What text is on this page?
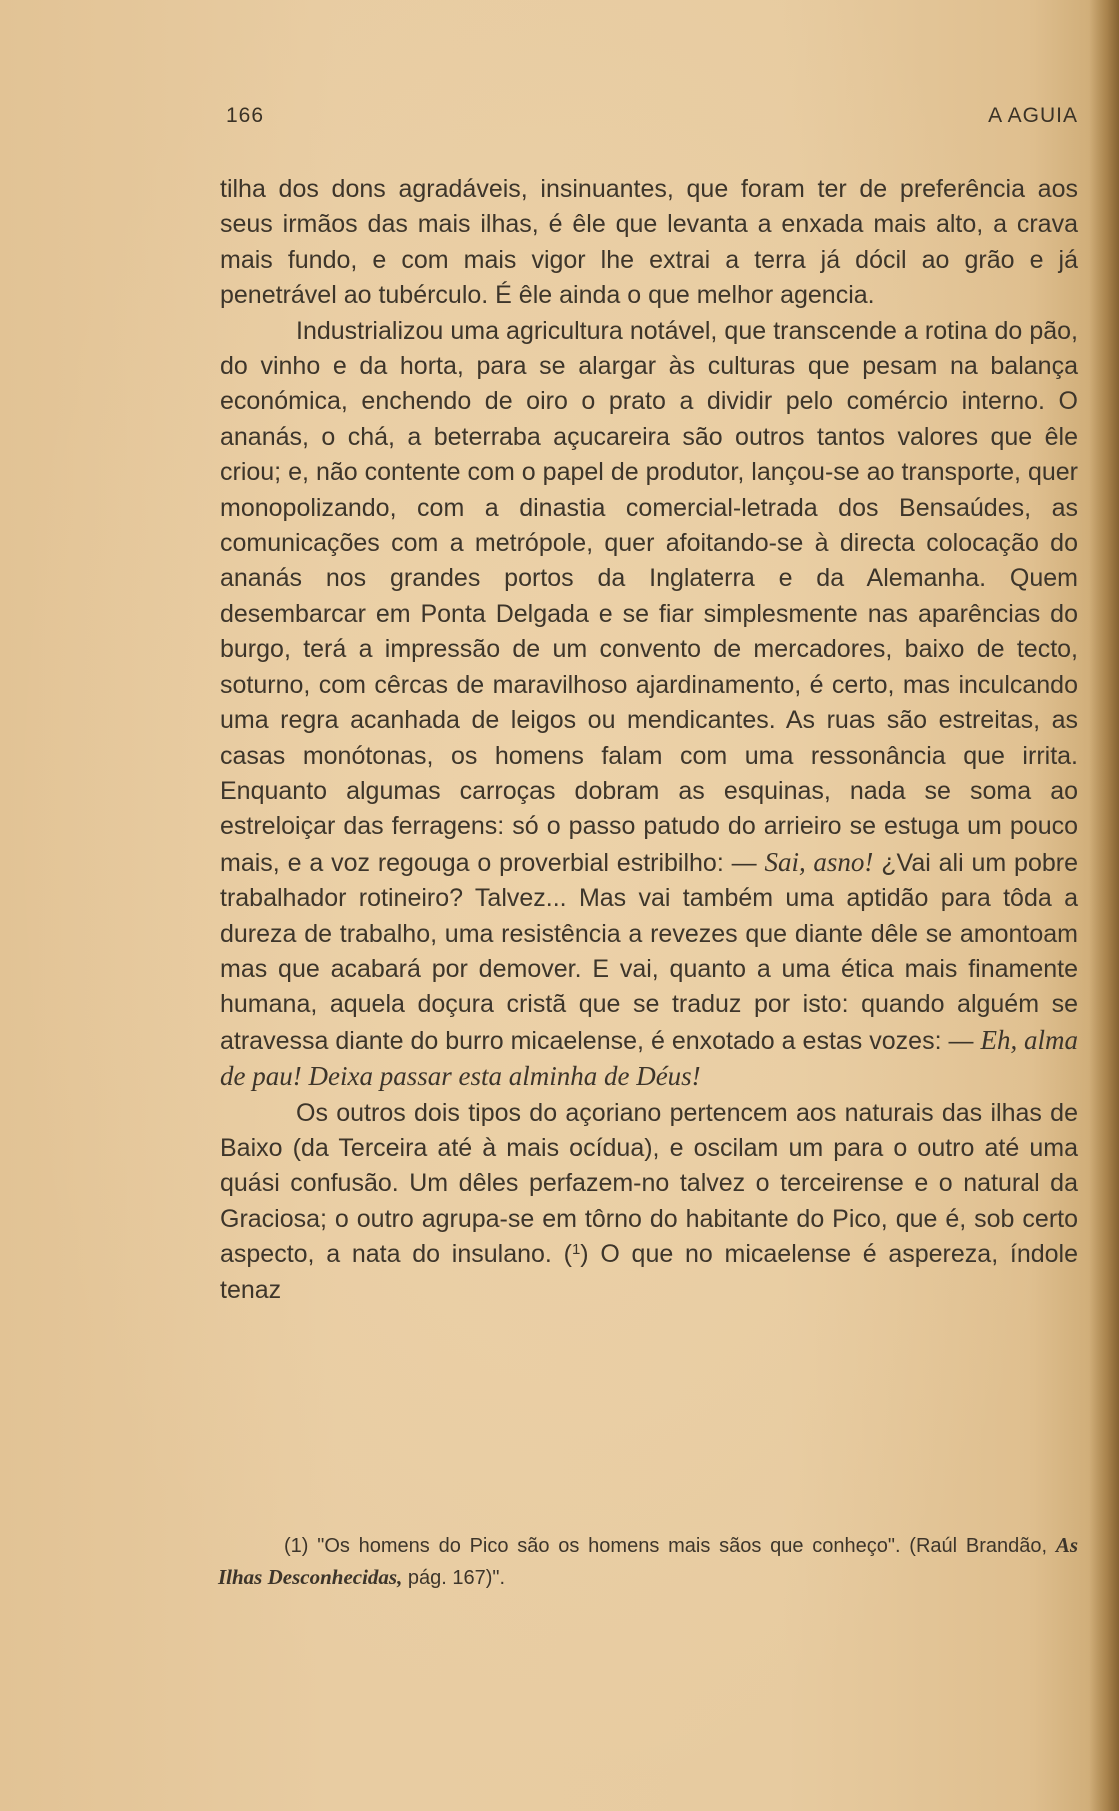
166	A AGUIA

tilha dos dons agradáveis, insinuantes, que foram ter de preferência aos seus irmãos das mais ilhas, é êle que levanta a enxada mais alto, a crava mais fundo, e com mais vigor lhe extrai a terra já dócil ao grão e já penetrável ao tubérculo. É êle ainda o que melhor agencia.

Industrializou uma agricultura notável, que transcende a rotina do pão, do vinho e da horta, para se alargar às culturas que pesam na balança económica, enchendo de oiro o prato a dividir pelo comércio interno. O ananás, o chá, a beterraba açucareira são outros tantos valores que êle criou; e, não contente com o papel de produtor, lançou-se ao transporte, quer monopolizando, com a dinastia comercial-letrada dos Bensaúdes, as comunicações com a metrópole, quer afoitando-se à directa colocação do ananás nos grandes portos da Inglaterra e da Alemanha. Quem desembarcar em Ponta Delgada e se fiar simplesmente nas aparências do burgo, terá a impressão de um convento de mercadores, baixo de tecto, soturno, com cêrcas de maravilhoso ajardinamento, é certo, mas inculcando uma regra acanhada de leigos ou mendicantes. As ruas são estreitas, as casas monótonas, os homens falam com uma ressonância que irrita. Enquanto algumas carroças dobram as esquinas, nada se soma ao estreloiçar das ferragens: só o passo patudo do arrieiro se estuga um pouco mais, e a voz regouga o proverbial estribilho: — Sai, asno! ¿Vai ali um pobre trabalhador rotineiro? Talvez... Mas vai também uma aptidão para tôda a dureza de trabalho, uma resistência a revezes que diante dêle se amontoam mas que acabará por demover. E vai, quanto a uma ética mais finamente humana, aquela doçura cristã que se traduz por isto: quando alguém se atravessa diante do burro micaelense, é enxotado a estas vozes: — Eh, alma de pau! Deixa passar esta alminha de Déus!

Os outros dois tipos do açoriano pertencem aos naturais das ilhas de Baixo (da Terceira até à mais ocídua), e oscilam um para o outro até uma quási confusão. Um dêles perfazem-no talvez o terceirense e o natural da Graciosa; o outro agrupa-se em tôrno do habitante do Pico, que é, sob certo aspecto, a nata do insulano. ($^1$) O que no micaelense é aspereza, índole tenaz

(1) "Os homens do Pico são os homens mais sãos que conheço". (Raúl Brandão, As Ilhas Desconhecidas, pág. 167)".
